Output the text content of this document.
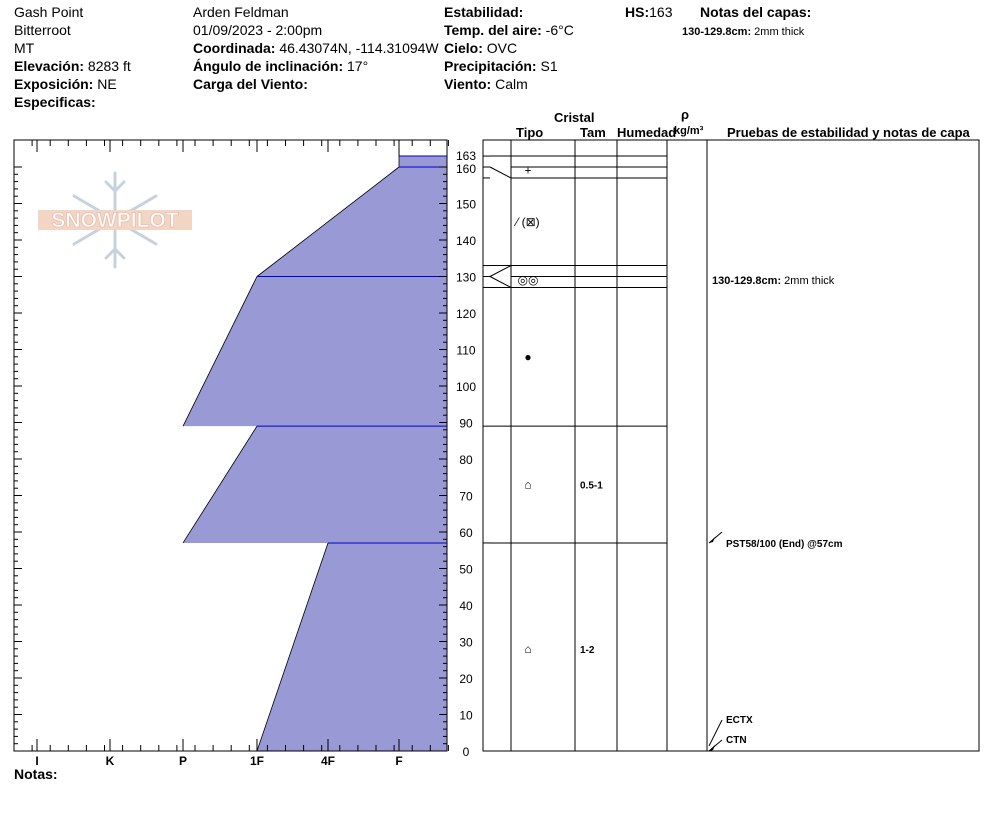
Gash Point
Bitterroot
MT
Elevación: 8283 ft
Exposición: NE
Especificas:
Arden Feldman
01/09/2023 - 2:00pm
Coordinada: 46.43074N, -114.31094W
Ángulo de inclinación: 17°
Carga del Viento:
Estabilidad:
Temp. del aire: -6°C
Cielo: OVC
Precipitación: S1
Viento: Calm
HS:163 Notas del capas:
130-129.8cm: 2mm thick
Cristal
Tipo	Tam Humedad
ρ
kg/m³ Pruebas de estabilidad y notas de capa
Notas:
SNOWPILOT
I	K	P	1F	4F	F
0
10
20
30
40
50
60
70
80
90
100
110
120
130
140
150
160
163
+
⁄ (⊠)
◎◎
●
⌂	0.5-1
⌂	1-2
130-129.8cm: 2mm thick
PST58/100 (End) @57cm
ECTX
CTN
